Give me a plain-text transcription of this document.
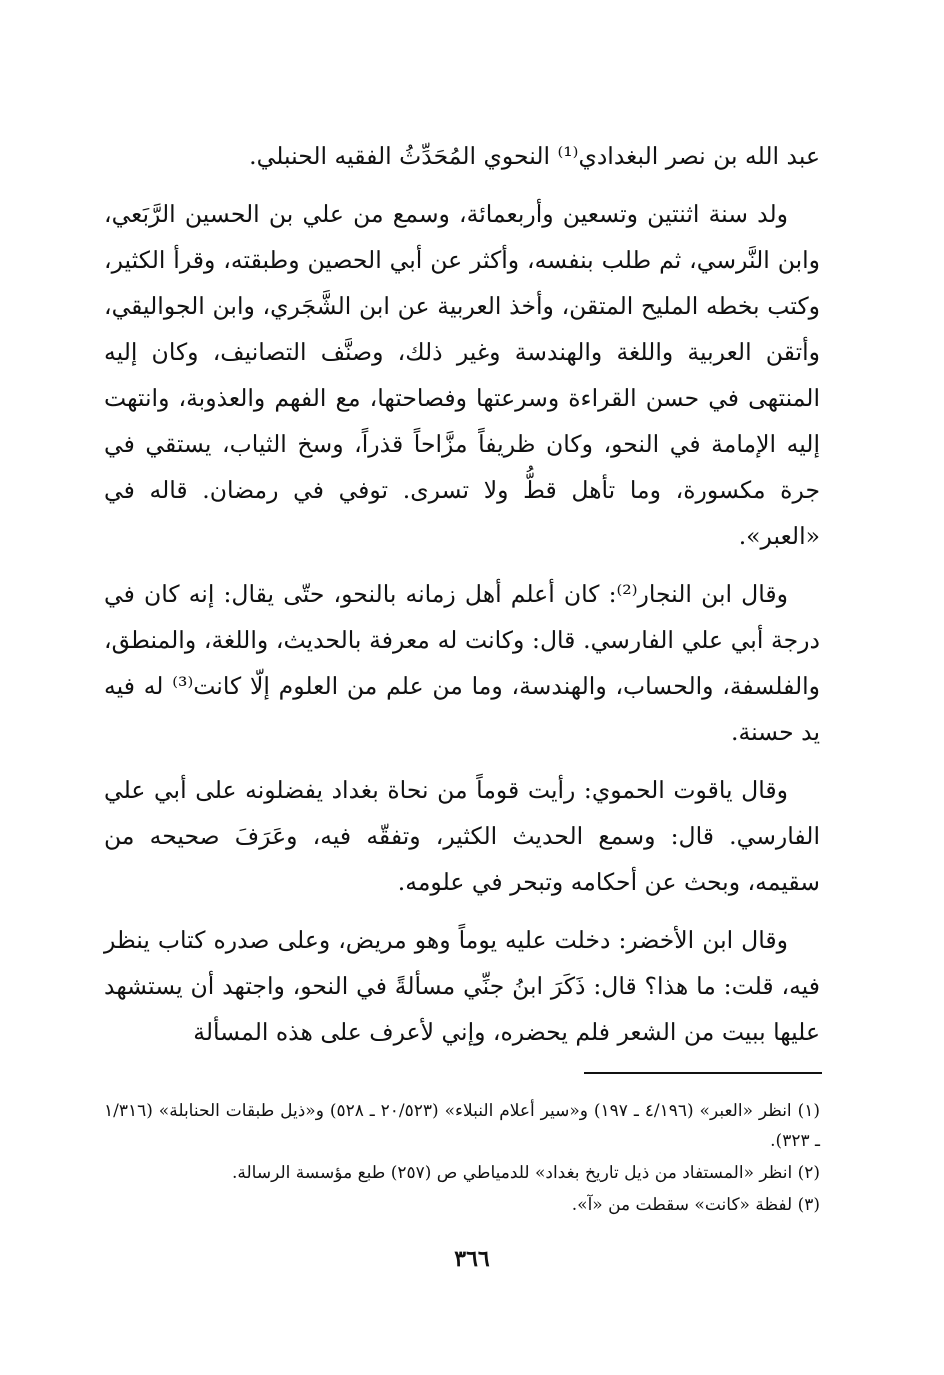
عبد الله بن نصر البغدادي⁽¹⁾ النحوي المُحَدِّثُ الفقيه الحنبلي.

ولد سنة اثنتين وتسعين وأربعمائة، وسمع من علي بن الحسين الرَّبَعي، وابن النَّرسي، ثم طلب بنفسه، وأكثر عن أبي الحصين وطبقته، وقرأ الكثير، وكتب بخطه المليح المتقن، وأخذ العربية عن ابن الشَّجَري، وابن الجواليقي، وأتقن العربية واللغة والهندسة وغير ذلك، وصنَّف التصانيف، وكان إليه المنتهى في حسن القراءة وسرعتها وفصاحتها، مع الفهم والعذوبة، وانتهت إليه الإمامة في النحو، وكان ظريفاً مزَّاحاً قذراً، وسخ الثياب، يستقي في جرة مكسورة، وما تأهل قطُّ ولا تسرى. توفي في رمضان. قاله في «العبر».

وقال ابن النجار⁽²⁾: كان أعلم أهل زمانه بالنحو، حتّى يقال: إنه كان في درجة أبي علي الفارسي. قال: وكانت له معرفة بالحديث، واللغة، والمنطق، والفلسفة، والحساب، والهندسة، وما من علم من العلوم إلّا كانت⁽³⁾ له فيه يد حسنة.

وقال ياقوت الحموي: رأيت قوماً من نحاة بغداد يفضلونه على أبي علي الفارسي. قال: وسمع الحديث الكثير، وتفقّه فيه، وعَرَفَ صحيحه من سقيمه، وبحث عن أحكامه وتبحر في علومه.

وقال ابن الأخضر: دخلت عليه يوماً وهو مريض، وعلى صدره كتاب ينظر فيه، قلت: ما هذا؟ قال: ذَكَرَ ابنُ جنِّي مسألةً في النحو، واجتهد أن يستشهد عليها ببيت من الشعر فلم يحضره، وإني لأعرف على هذه المسألة

(١) انظر «العبر» (٤/١٩٦ ـ ١٩٧) و«سير أعلام النبلاء» (٢٠/٥٢٣ ـ ٥٢٨) و«ذيل طبقات الحنابلة» (١/٣١٦ ـ ٣٢٣).

(٢) انظر «المستفاد من ذيل تاريخ بغداد» للدمياطي ص (٢٥٧) طبع مؤسسة الرسالة.

(٣) لفظة «كانت» سقطت من «آ».

٣٦٦
